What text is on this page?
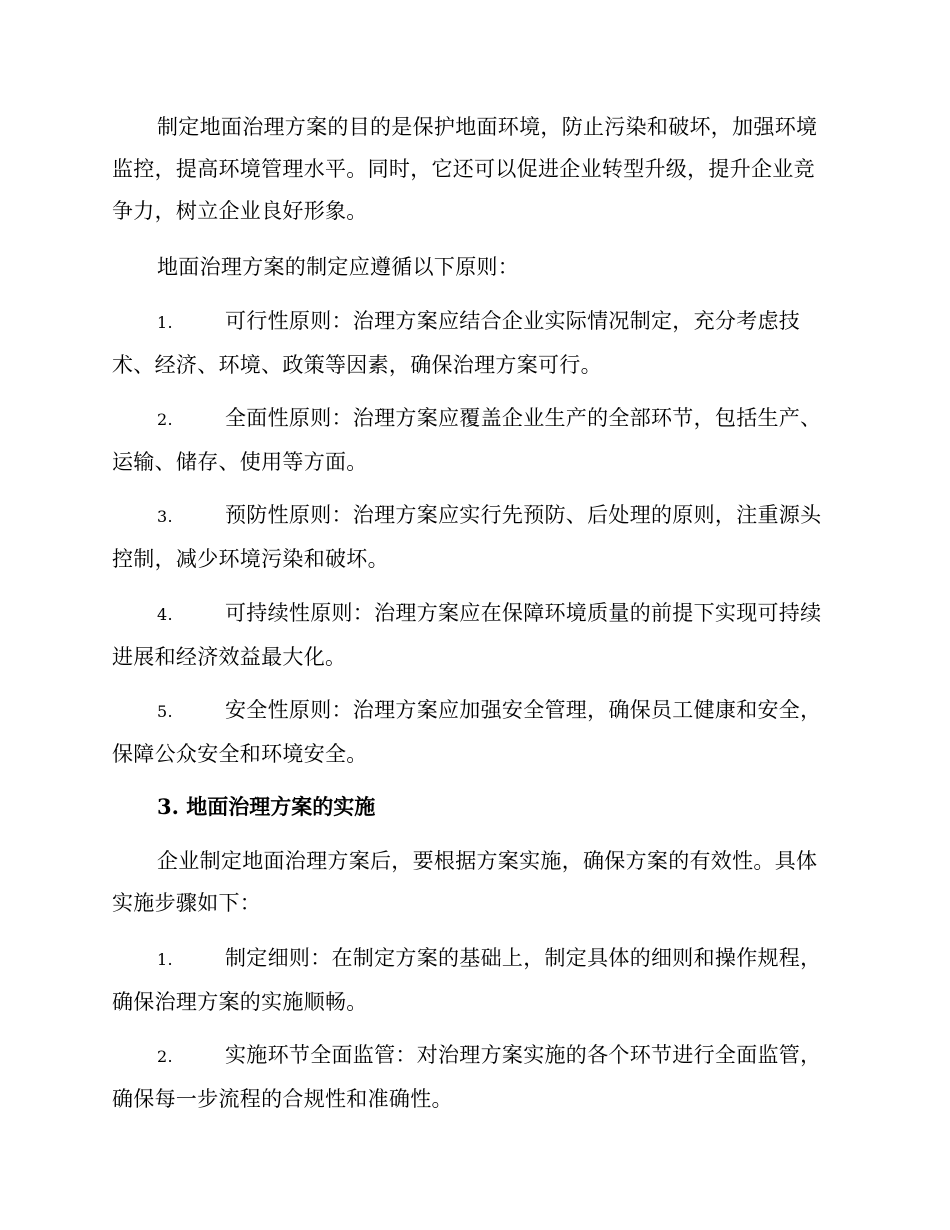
制定地面治理方案的目的是保护地面环境，防止污染和破坏，加强环境监控，提高环境管理水平。同时，它还可以促进企业转型升级，提升企业竞争力，树立企业良好形象。

地面治理方案的制定应遵循以下原则：

1. 可行性原则：治理方案应结合企业实际情况制定，充分考虑技术、经济、环境、政策等因素，确保治理方案可行。

2. 全面性原则：治理方案应覆盖企业生产的全部环节，包括生产、运输、储存、使用等方面。

3. 预防性原则：治理方案应实行先预防、后处理的原则，注重源头控制，减少环境污染和破坏。

4. 可持续性原则：治理方案应在保障环境质量的前提下实现可持续进展和经济效益最大化。

5. 安全性原则：治理方案应加强安全管理，确保员工健康和安全，保障公众安全和环境安全。

3. 地面治理方案的实施

企业制定地面治理方案后，要根据方案实施，确保方案的有效性。具体实施步骤如下：

1. 制定细则：在制定方案的基础上，制定具体的细则和操作规程，确保治理方案的实施顺畅。

2. 实施环节全面监管：对治理方案实施的各个环节进行全面监管，确保每一步流程的合规性和准确性。
